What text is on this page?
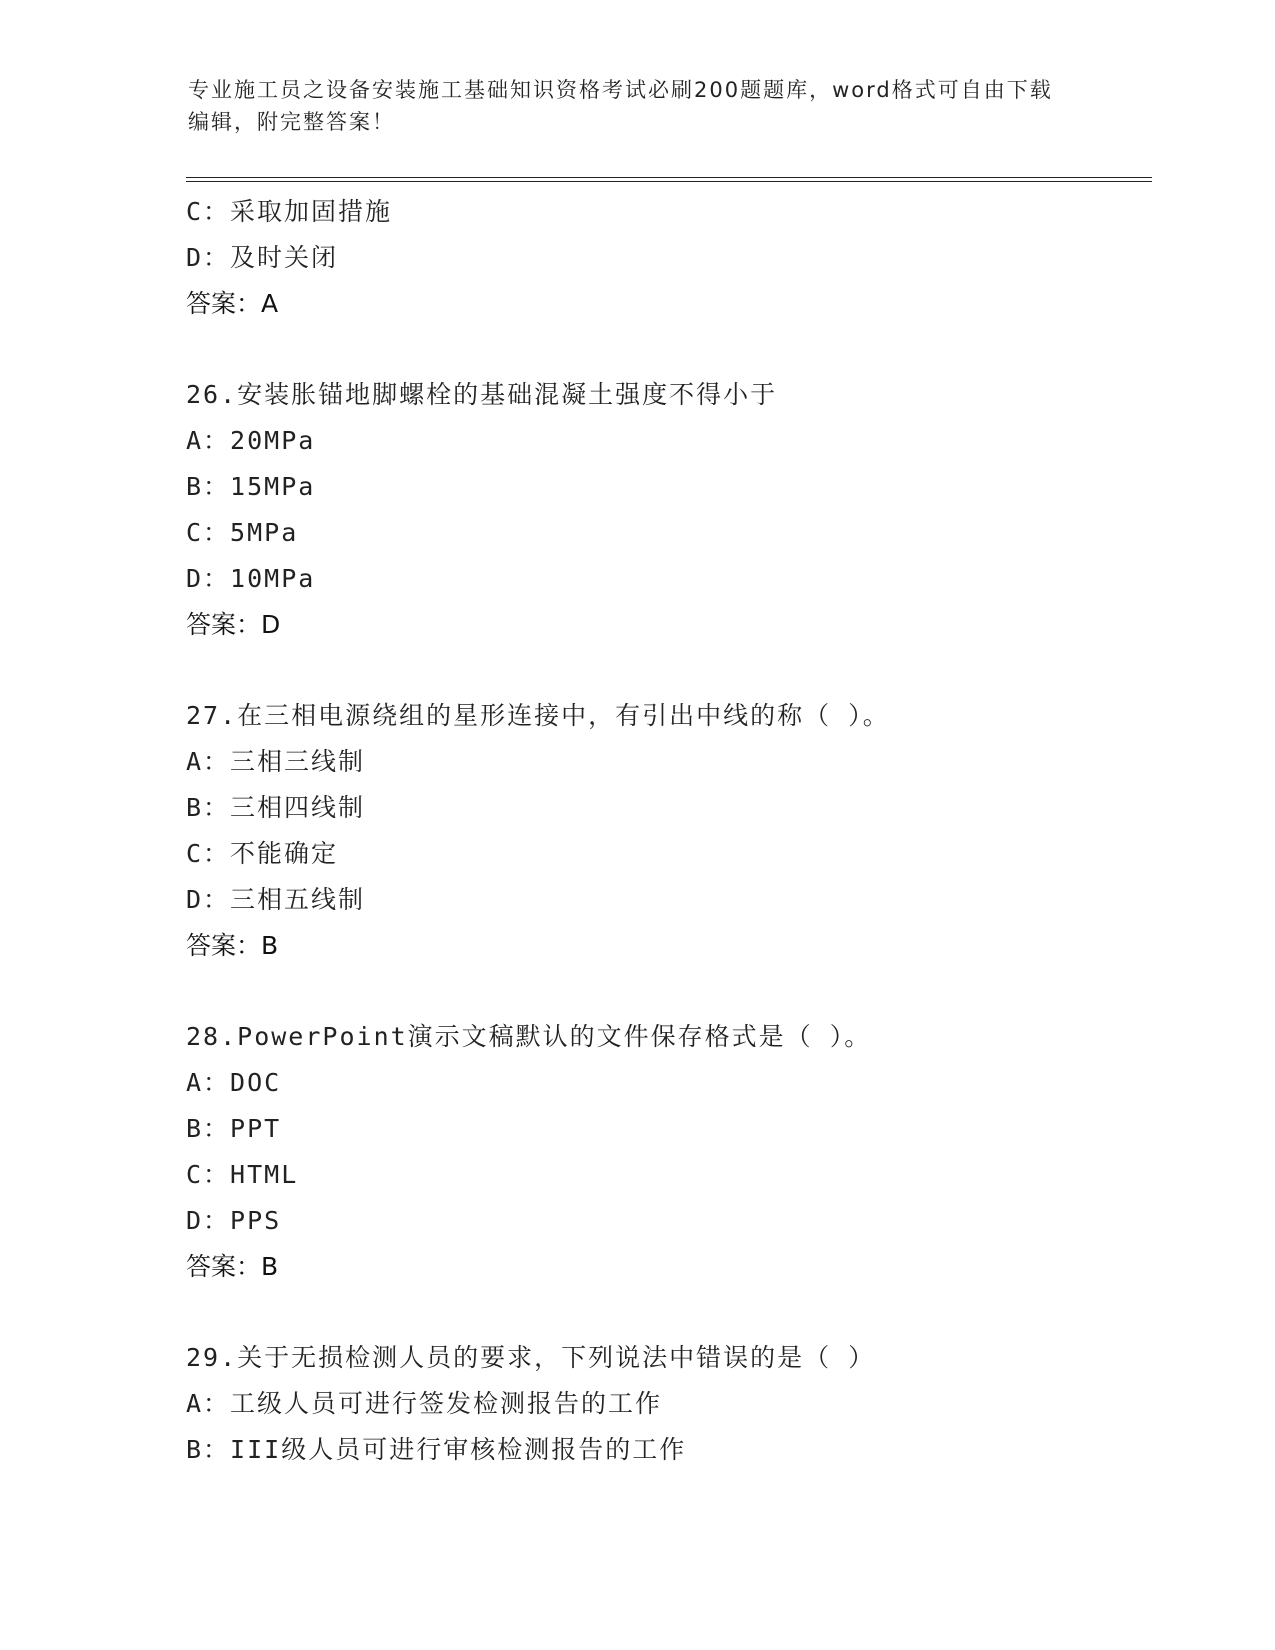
专业施工员之设备安装施工基础知识资格考试必刷200题题库，word格式可自由下载编辑，附完整答案！
C：采取加固措施
D：及时关闭
答案：A
26.安装胀锚地脚螺栓的基础混凝土强度不得小于
A：20MPa
B：15MPa
C：5MPa
D：10MPa
答案：D
27.在三相电源绕组的星形连接中，有引出中线的称（ ）。
A：三相三线制
B：三相四线制
C：不能确定
D：三相五线制
答案：B
28.PowerPoint演示文稿默认的文件保存格式是（ ）。
A：DOC
B：PPT
C：HTML
D：PPS
答案：B
29.关于无损检测人员的要求，下列说法中错误的是（ ）
A：工级人员可进行签发检测报告的工作
B：III级人员可进行审核检测报告的工作
